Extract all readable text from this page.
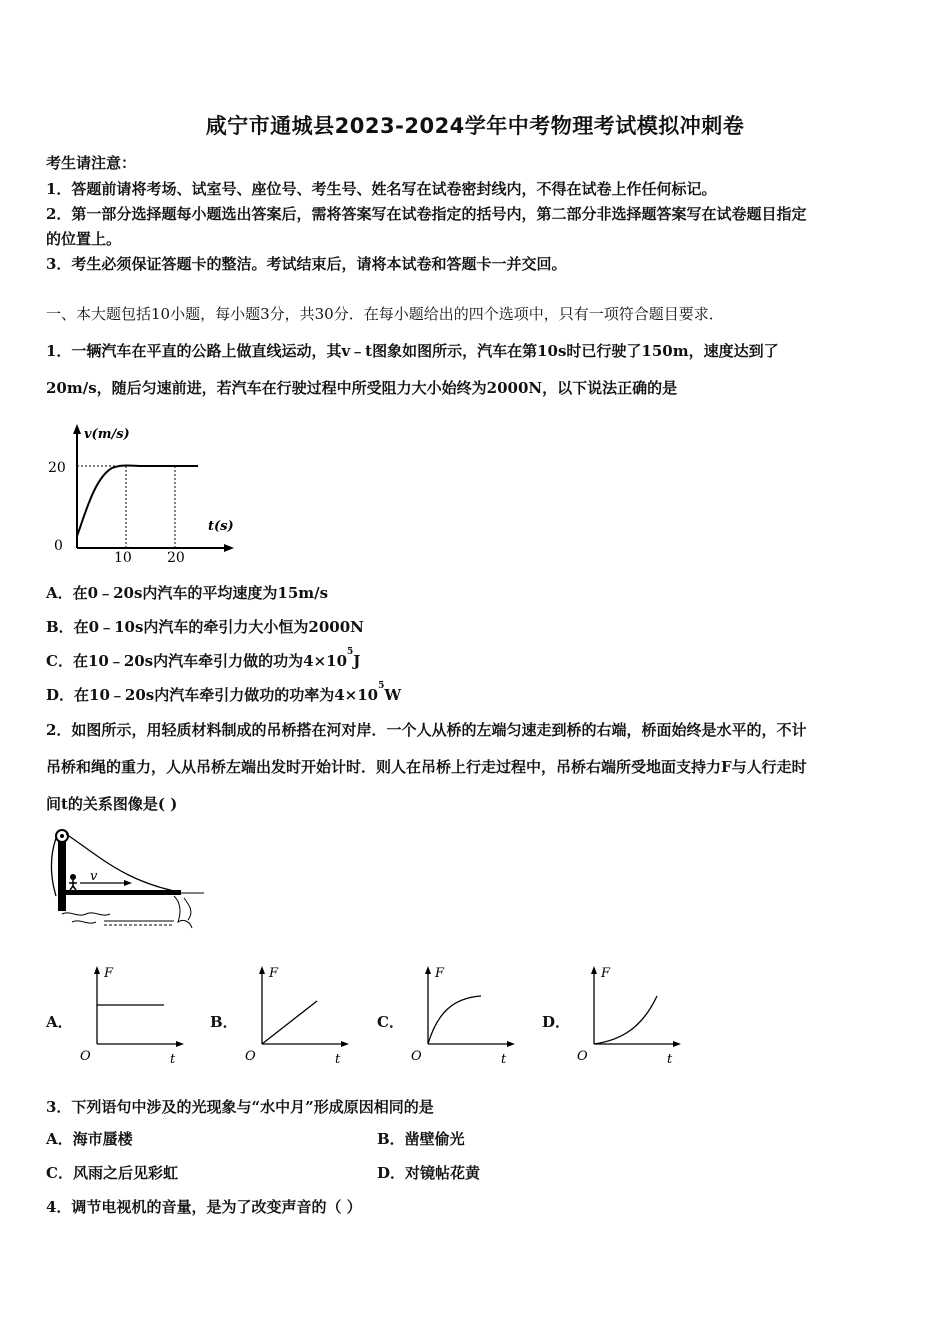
咸宁市通城县2023-2024学年中考物理考试模拟冲刺卷
考生请注意：
1．答题前请将考场、试室号、座位号、考生号、姓名写在试卷密封线内，不得在试卷上作任何标记。
2．第一部分选择题每小题选出答案后，需将答案写在试卷指定的括号内，第二部分非选择题答案写在试卷题目指定
的位置上。
3．考生必须保证答题卡的整洁。考试结束后，请将本试卷和答题卡一并交回。
一、本大题包括10小题，每小题3分，共30分．在每小题给出的四个选项中，只有一项符合题目要求．
1．一辆汽车在平直的公路上做直线运动，其v﹣t图象如图所示，汽车在第10s时已行驶了150m，速度达到了
20m/s，随后匀速前进，若汽车在行驶过程中所受阻力大小始终为2000N，以下说法正确的是
v(m/s)
t(s)
20
0
10	20
A．在0﹣20s内汽车的平均速度为15m/s
B．在0﹣10s内汽车的牵引力大小恒为2000N
C．在10﹣20s内汽车牵引力做的功为$4\times 10^5J$
D．在10﹣20s内汽车牵引力做功的功率为$4\times 10^5W$
2．如图所示，用轻质材料制成的吊桥搭在河对岸．一个人从桥的左端匀速走到桥的右端，桥面始终是水平的，不计
吊桥和绳的重力，人从吊桥左端出发时开始计时．则人在吊桥上行走过程中，吊桥右端所受地面支持力F与人行走时
间t的关系图像是( )
v
A．	B．	C．	D．
F
t
O
F
t
O
F
t
O
F
t
O
3．下列语句中涉及的光现象与“水中月”形成原因相同的是
A．海市蜃楼	B．凿壁偷光
C．风雨之后见彩虹	D．对镜帖花黄
4．调节电视机的音量，是为了改变声音的（ ）
